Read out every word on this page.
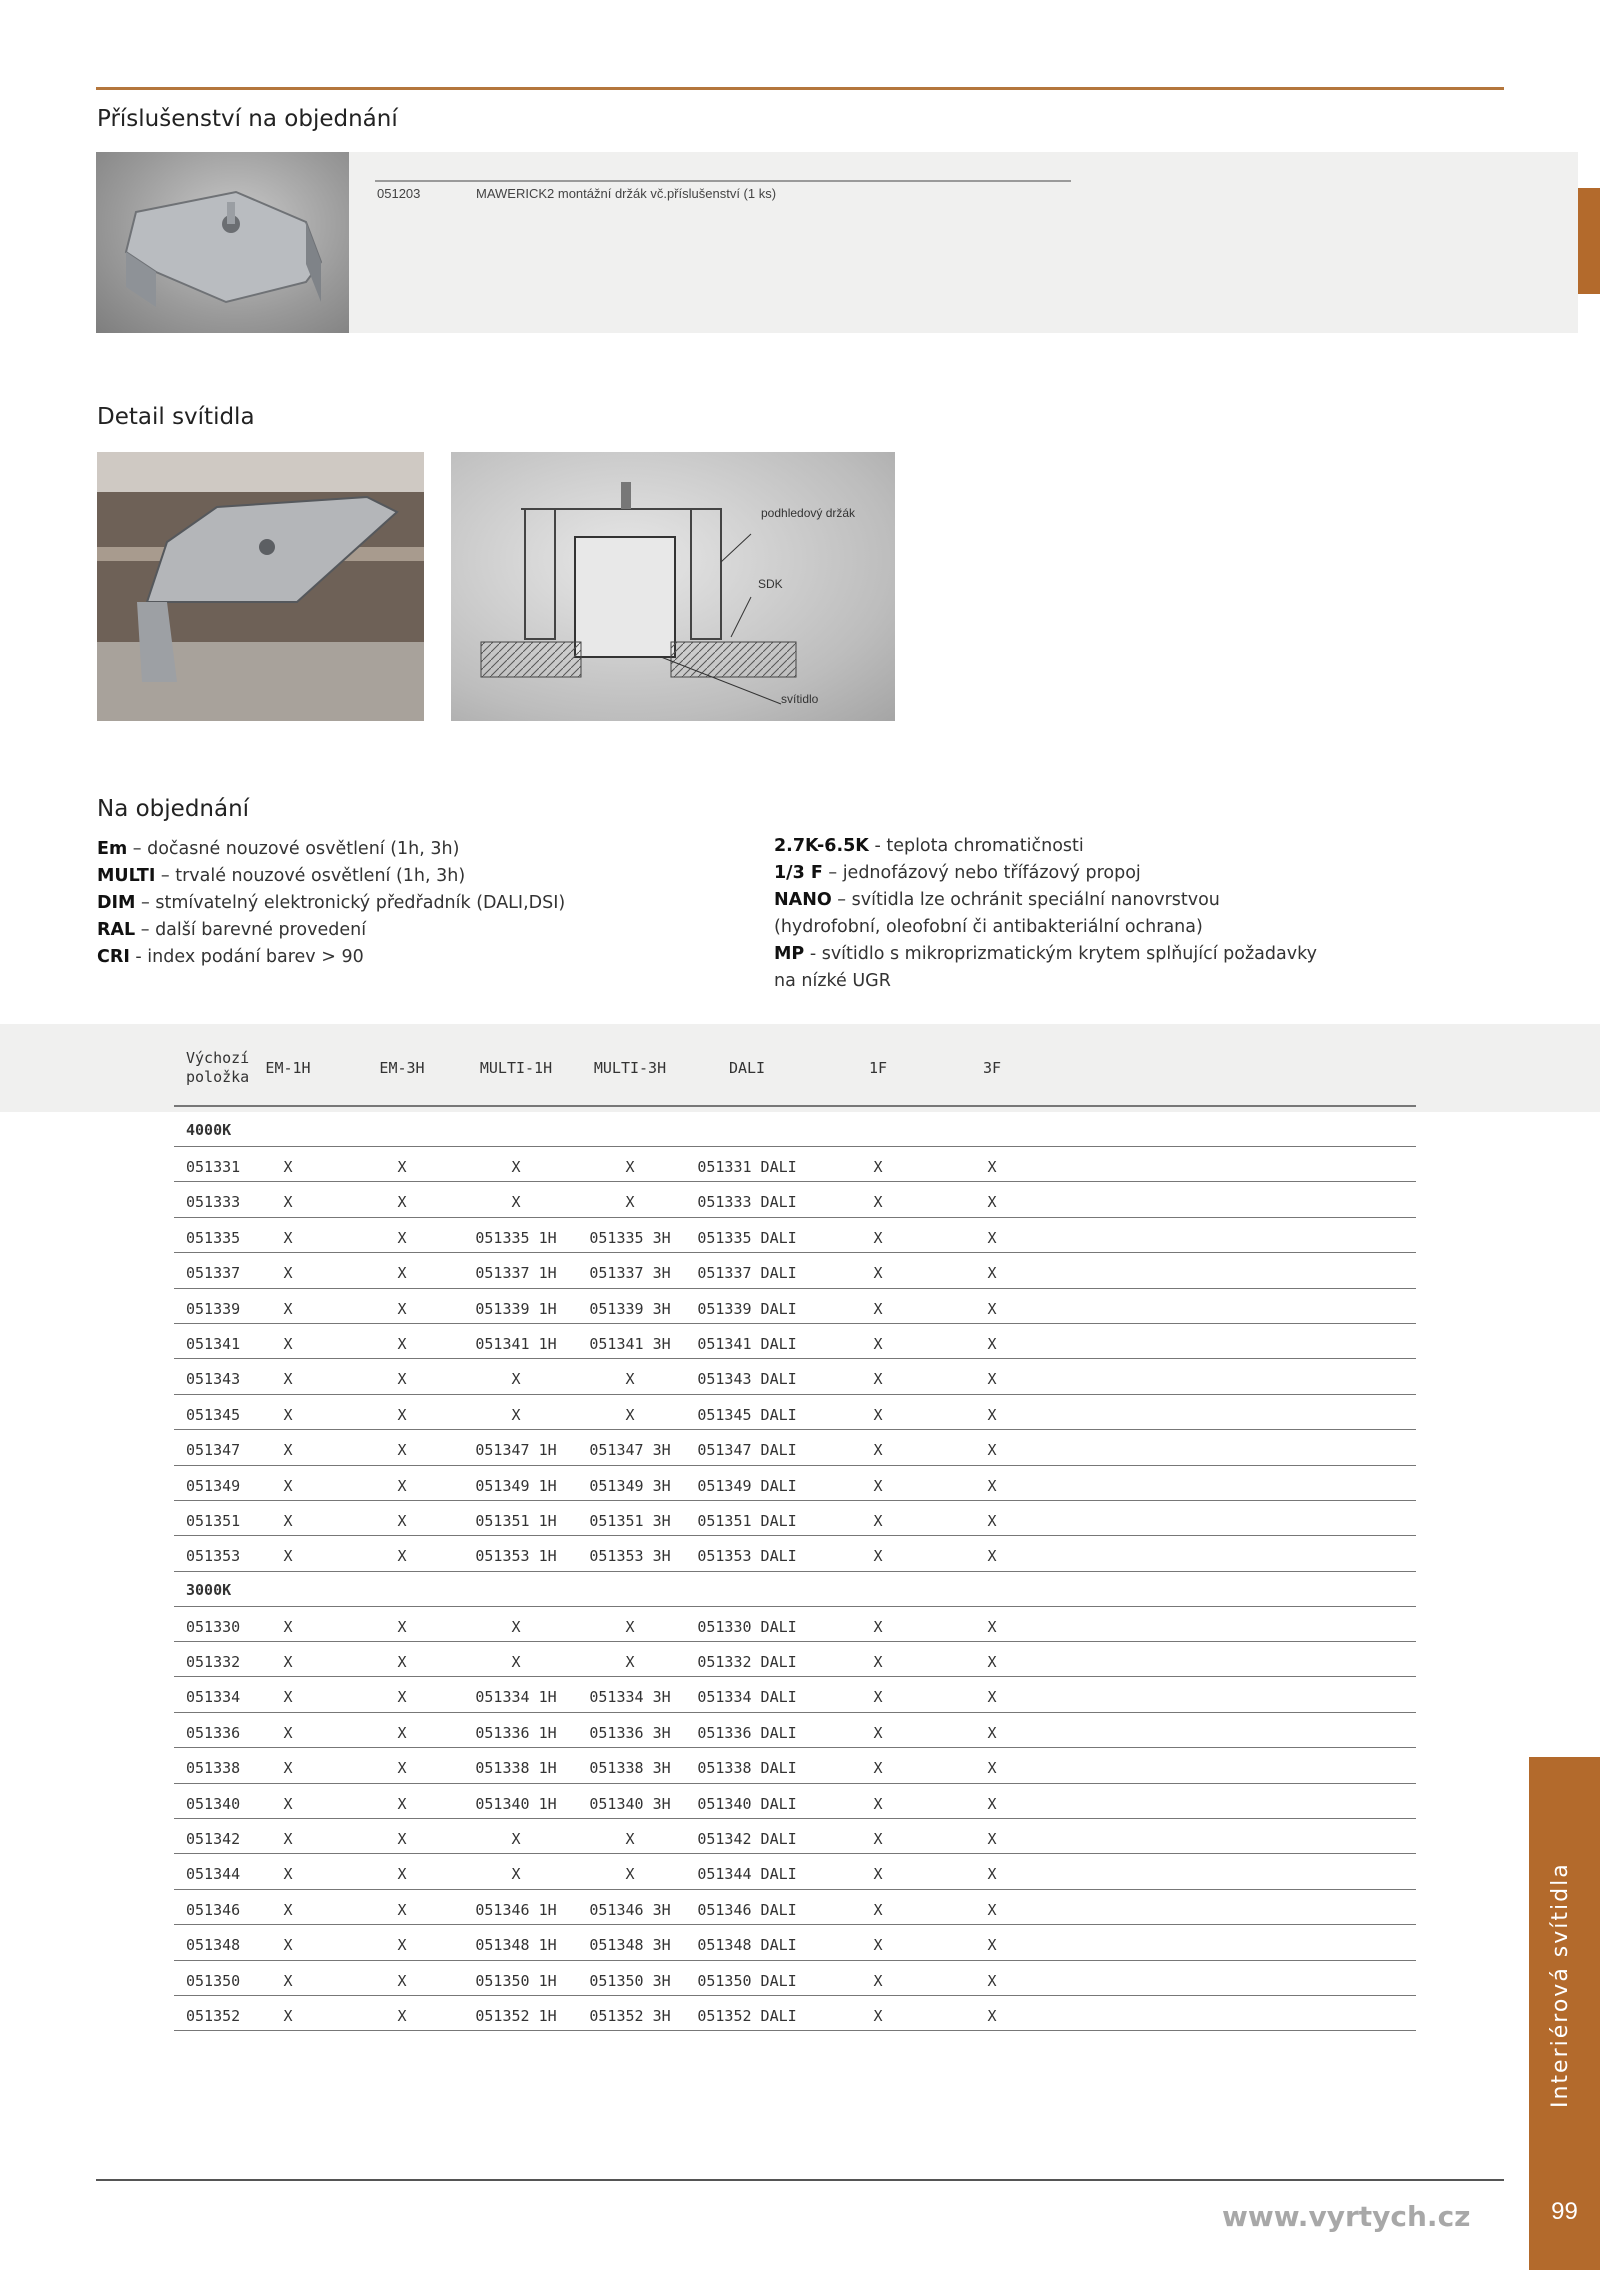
Příslušenství na objednání
051203	MAWERICK2 montážní držák vč.příslušenství (1 ks)
Detail svítidla
podhledový držák
SDK
svítidlo
Na objednání
Em – dočasné nouzové osvětlení (1h, 3h)
MULTI – trvalé nouzové osvětlení (1h, 3h)
DIM – stmívatelný elektronický předřadník (DALI,DSI)
RAL – další barevné provedení
CRI - index podání barev > 90
2.7K-6.5K - teplota chromatičnosti
1/3 F – jednofázový nebo třífázový propoj
NANO – svítidla lze ochránit speciální nanovrstvou
(hydrofobní, oleofobní či antibakteriální ochrana)
MP - svítidlo s mikroprizmatickým krytem splňující požadavky
na nízké UGR
Výchozí
položka
EM-1H	EM-3H	MULTI-1H	MULTI-3H	DALI	1F	3F
4000K
051331	X	X	X	X	051331 DALI	X	X
051333	X	X	X	X	051333 DALI	X	X
051335	X	X	051335 1H	051335 3H	051335 DALI	X	X
051337	X	X	051337 1H	051337 3H	051337 DALI	X	X
051339	X	X	051339 1H	051339 3H	051339 DALI	X	X
051341	X	X	051341 1H	051341 3H	051341 DALI	X	X
051343	X	X	X	X	051343 DALI	X	X
051345	X	X	X	X	051345 DALI	X	X
051347	X	X	051347 1H	051347 3H	051347 DALI	X	X
051349	X	X	051349 1H	051349 3H	051349 DALI	X	X
051351	X	X	051351 1H	051351 3H	051351 DALI	X	X
051353	X	X	051353 1H	051353 3H	051353 DALI	X	X
3000K
051330	X	X	X	X	051330 DALI	X	X
051332	X	X	X	X	051332 DALI	X	X
051334	X	X	051334 1H	051334 3H	051334 DALI	X	X
051336	X	X	051336 1H	051336 3H	051336 DALI	X	X
051338	X	X	051338 1H	051338 3H	051338 DALI	X	X
051340	X	X	051340 1H	051340 3H	051340 DALI	X	X
051342	X	X	X	X	051342 DALI	X	X
051344	X	X	X	X	051344 DALI	X	X
051346	X	X	051346 1H	051346 3H	051346 DALI	X	X
051348	X	X	051348 1H	051348 3H	051348 DALI	X	X
051350	X	X	051350 1H	051350 3H	051350 DALI	X	X
051352	X	X	051352 1H	051352 3H	051352 DALI	X	X	Interiérová svítidla
99
www.vyrtych.cz
